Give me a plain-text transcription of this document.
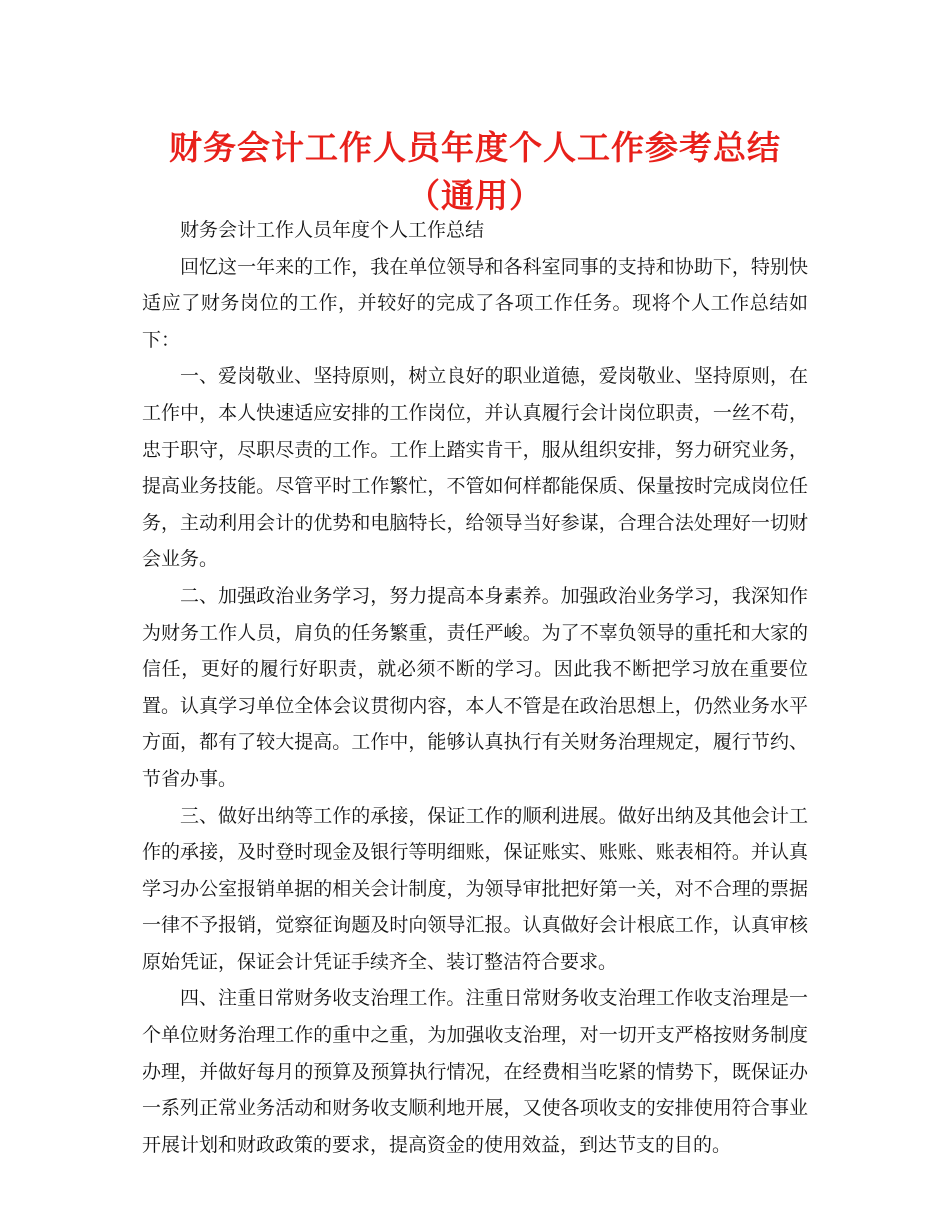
财务会计工作人员年度个人工作参考总结（通用）

财务会计工作人员年度个人工作总结

回忆这一年来的工作，我在单位领导和各科室同事的支持和协助下，特别快适应了财务岗位的工作，并较好的完成了各项工作任务。现将个人工作总结如下：

一、爱岗敬业、坚持原则，树立良好的职业道德，爱岗敬业、坚持原则，在工作中，本人快速适应安排的工作岗位，并认真履行会计岗位职责，一丝不苟，忠于职守，尽职尽责的工作。工作上踏实肯干，服从组织安排，努力研究业务，提高业务技能。尽管平时工作繁忙，不管如何样都能保质、保量按时完成岗位任务，主动利用会计的优势和电脑特长，给领导当好参谋，合理合法处理好一切财会业务。

二、加强政治业务学习，努力提高本身素养。加强政治业务学习，我深知作为财务工作人员，肩负的任务繁重，责任严峻。为了不辜负领导的重托和大家的信任，更好的履行好职责，就必须不断的学习。因此我不断把学习放在重要位置。认真学习单位全体会议贯彻内容，本人不管是在政治思想上，仍然业务水平方面，都有了较大提高。工作中，能够认真执行有关财务治理规定，履行节约、节省办事。

三、做好出纳等工作的承接，保证工作的顺利进展。做好出纳及其他会计工作的承接，及时登时现金及银行等明细账，保证账实、账账、账表相符。并认真学习办公室报销单据的相关会计制度，为领导审批把好第一关，对不合理的票据一律不予报销，觉察征询题及时向领导汇报。认真做好会计根底工作，认真审核原始凭证，保证会计凭证手续齐全、装订整洁符合要求。

四、注重日常财务收支治理工作。注重日常财务收支治理工作收支治理是一个单位财务治理工作的重中之重，为加强收支治理，对一切开支严格按财务制度办理，并做好每月的预算及预算执行情况，在经费相当吃紧的情势下，既保证办一系列正常业务活动和财务收支顺利地开展，又使各项收支的安排使用符合事业开展计划和财政政策的要求，提高资金的使用效益，到达节支的目的。
